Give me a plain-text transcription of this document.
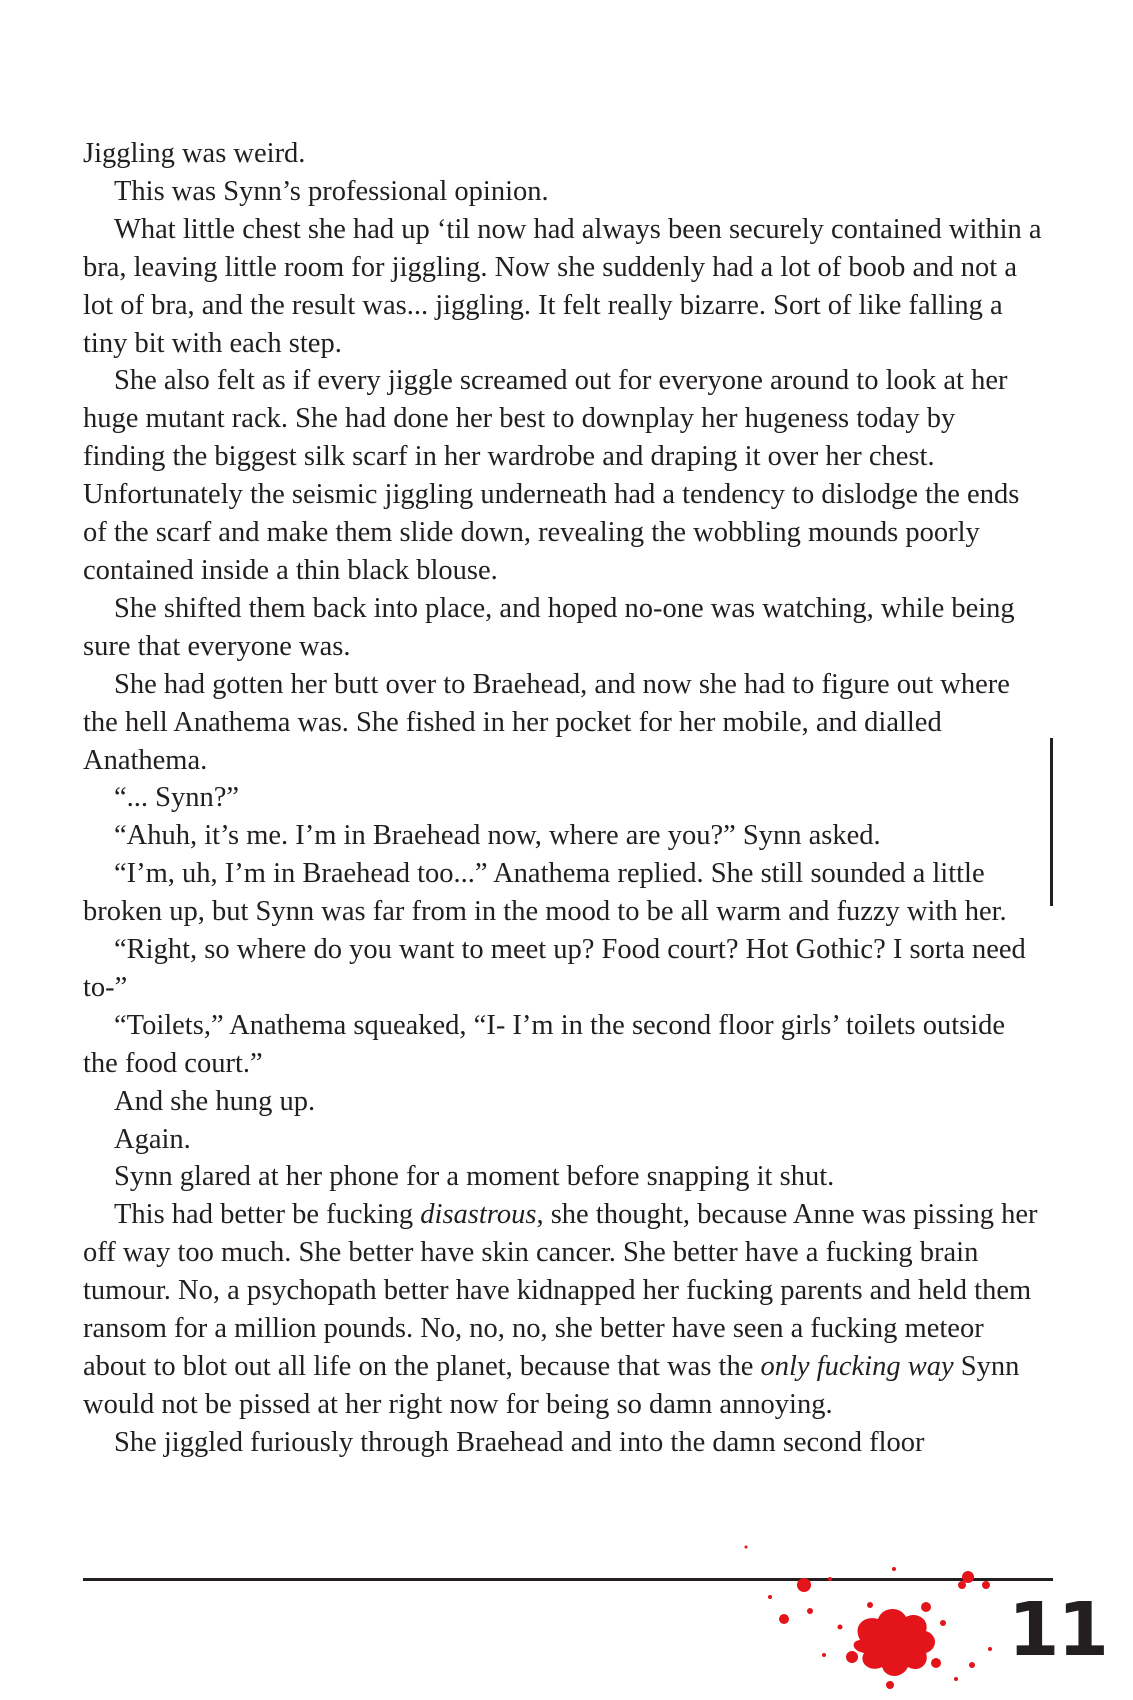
Jiggling was weird.

This was Synn’s professional opinion.

What little chest she had up ‘til now had always been securely contained within a bra, leaving little room for jiggling. Now she suddenly had a lot of boob and not a lot of bra, and the result was... jiggling. It felt really bizarre. Sort of like falling a tiny bit with each step.

She also felt as if every jiggle screamed out for everyone around to look at her huge mutant rack. She had done her best to downplay her hugeness today by finding the biggest silk scarf in her wardrobe and draping it over her chest. Unfortunately the seismic jiggling underneath had a tendency to dislodge the ends of the scarf and make them slide down, revealing the wobbling mounds poorly contained inside a thin black blouse.

She shifted them back into place, and hoped no-one was watching, while being sure that everyone was.

She had gotten her butt over to Braehead, and now she had to figure out where the hell Anathema was. She fished in her pocket for her mobile, and dialled Anathema.

“... Synn?”

“Ahuh, it’s me. I’m in Braehead now, where are you?” Synn asked.

“I’m, uh, I’m in Braehead too...” Anathema replied. She still sounded a little broken up, but Synn was far from in the mood to be all warm and fuzzy with her.

“Right, so where do you want to meet up? Food court? Hot Gothic? I sorta need to-”

“Toilets,” Anathema squeaked, “I- I’m in the second floor girls’ toilets outside the food court.”

And she hung up.

Again.

Synn glared at her phone for a moment before snapping it shut.

This had better be fucking disastrous, she thought, because Anne was pissing her off way too much. She better have skin cancer. She better have a fucking brain tumour. No, a psychopath better have kidnapped her fucking parents and held them ransom for a million pounds. No, no, no, she better have seen a fucking meteor about to blot out all life on the planet, because that was the only fucking way Synn would not be pissed at her right now for being so damn annoying.

She jiggled furiously through Braehead and into the damn second floor

11
